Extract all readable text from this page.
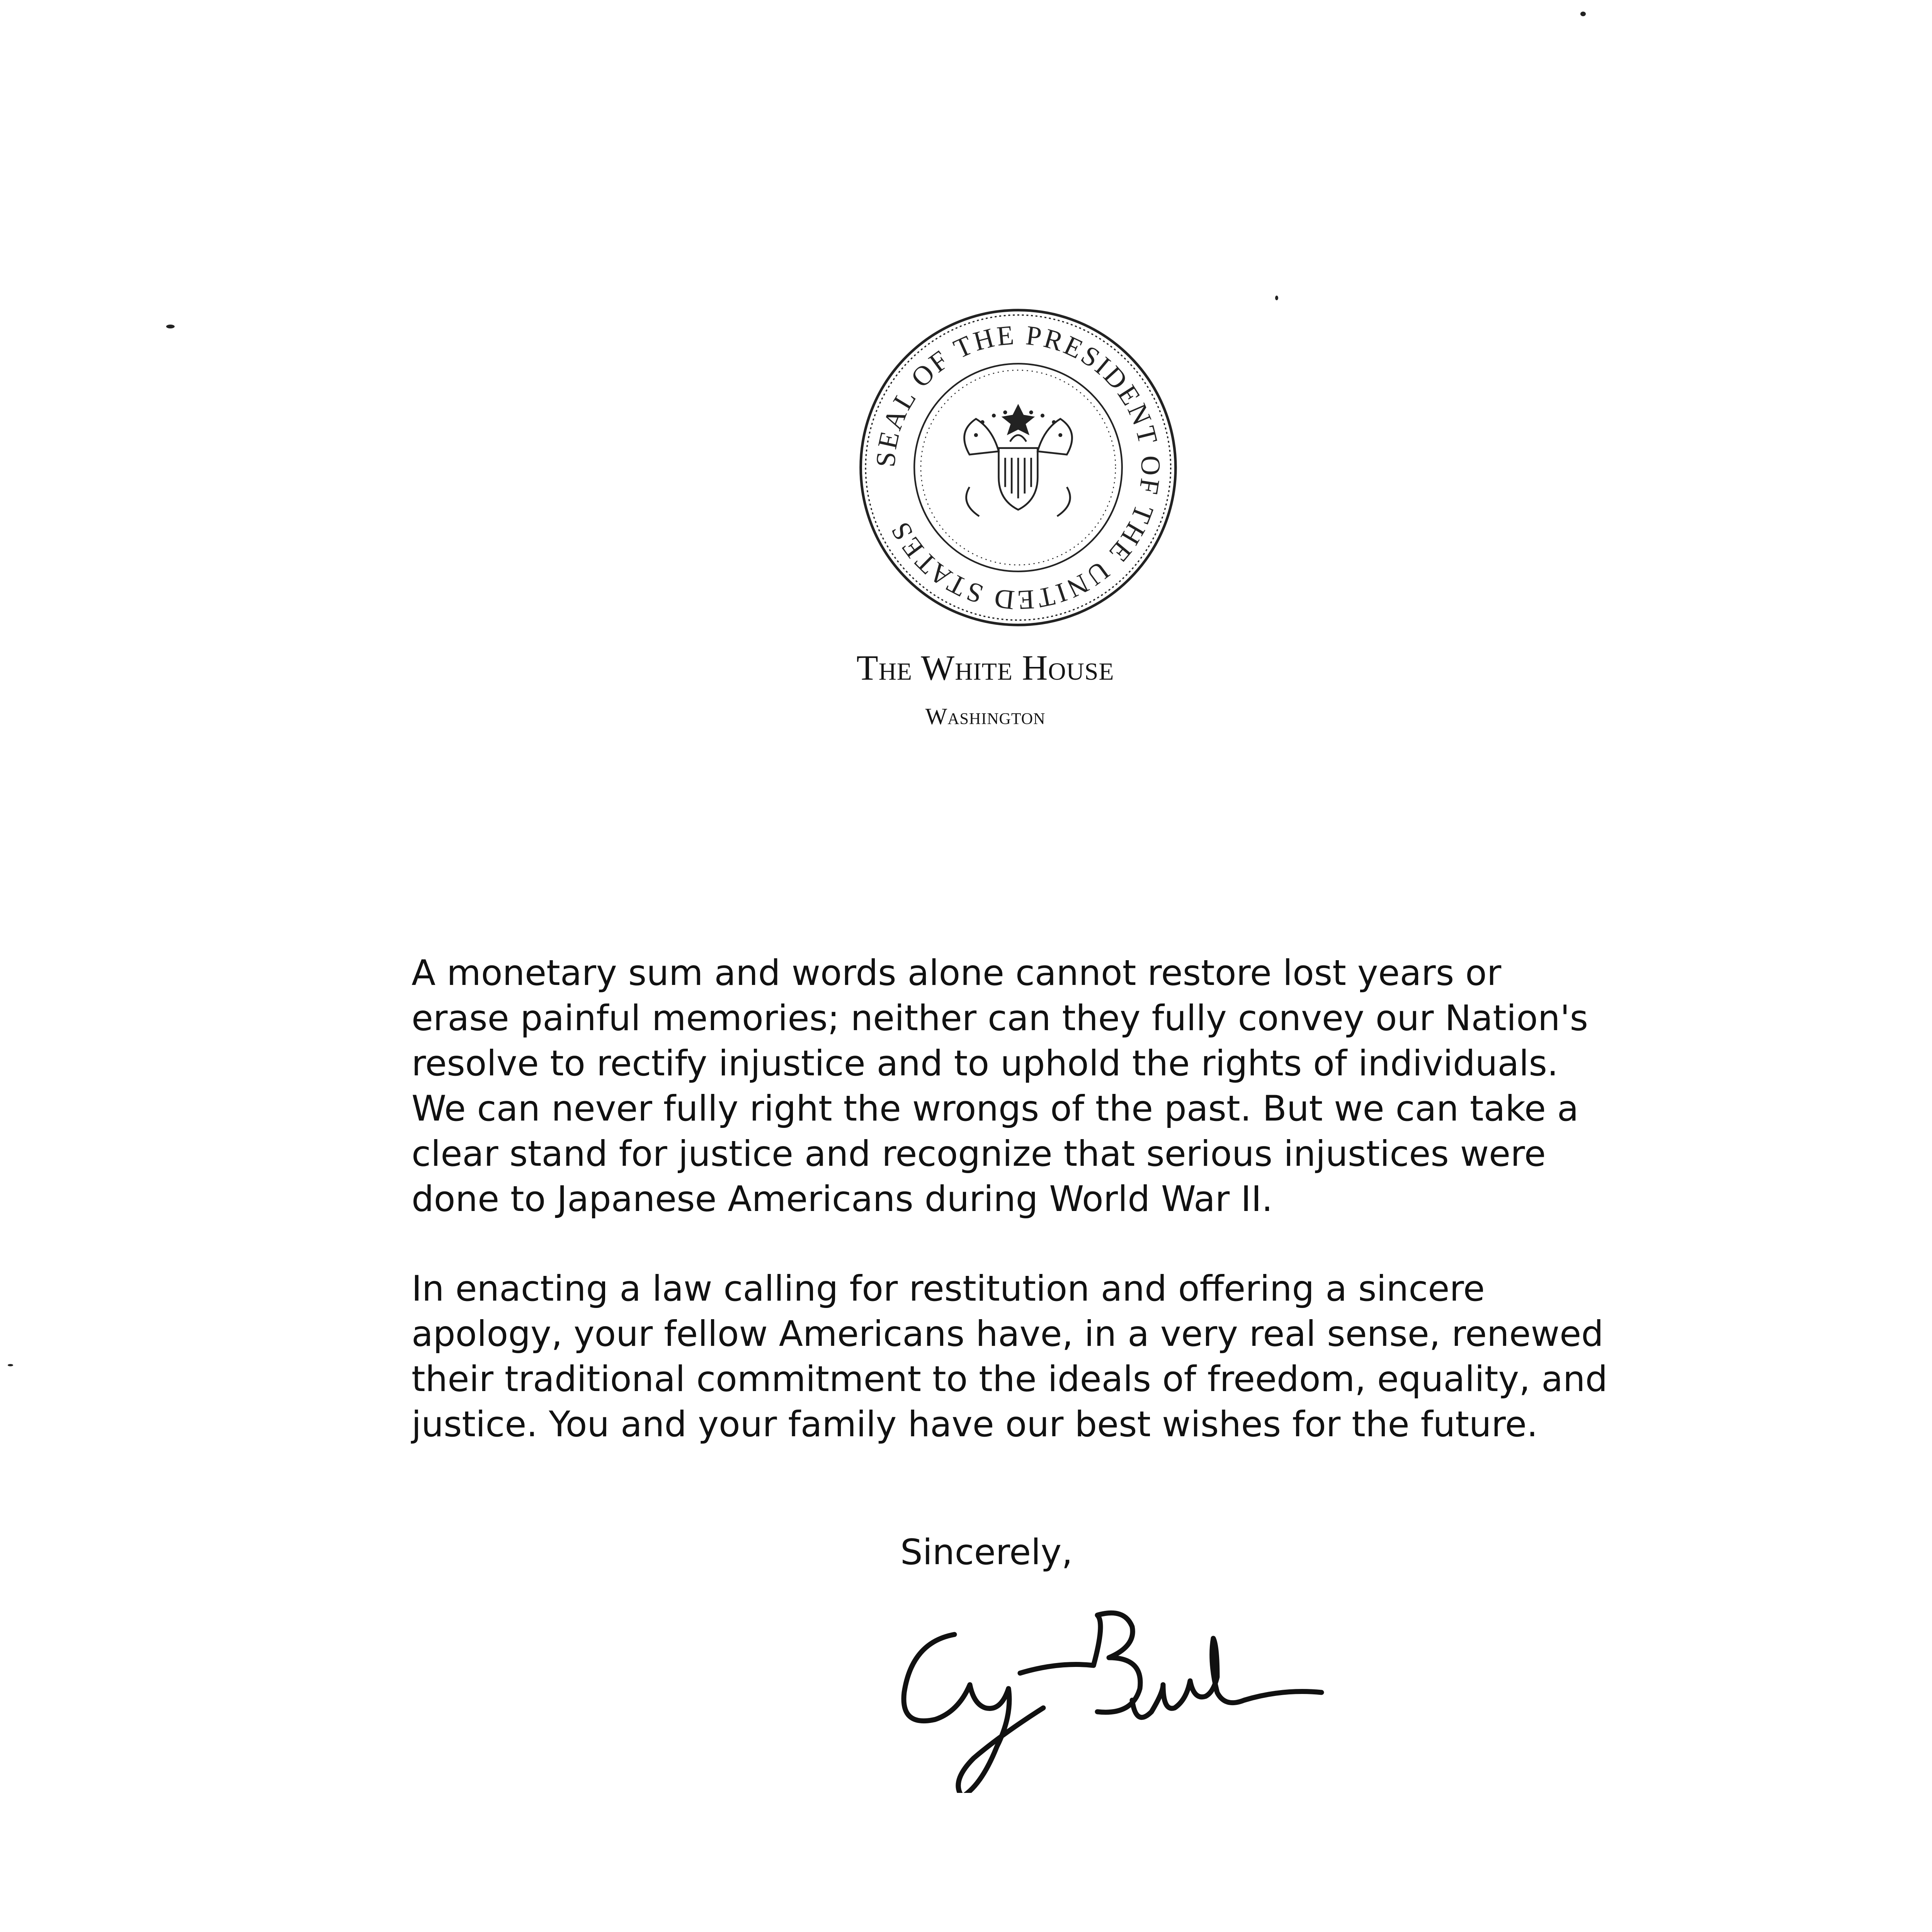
SEAL OF THE PRESIDENT OF THE UNITED STATES
The White House
Washington
A monetary sum and words alone cannot restore lost years or
erase painful memories; neither can they fully convey our Nation's
resolve to rectify injustice and to uphold the rights of individuals.
We can never fully right the wrongs of the past. But we can take a
clear stand for justice and recognize that serious injustices were
done to Japanese Americans during World War II.
In enacting a law calling for restitution and offering a sincere
apology, your fellow Americans have, in a very real sense, renewed
their traditional commitment to the ideals of freedom, equality, and
justice. You and your family have our best wishes for the future.
Sincerely,
